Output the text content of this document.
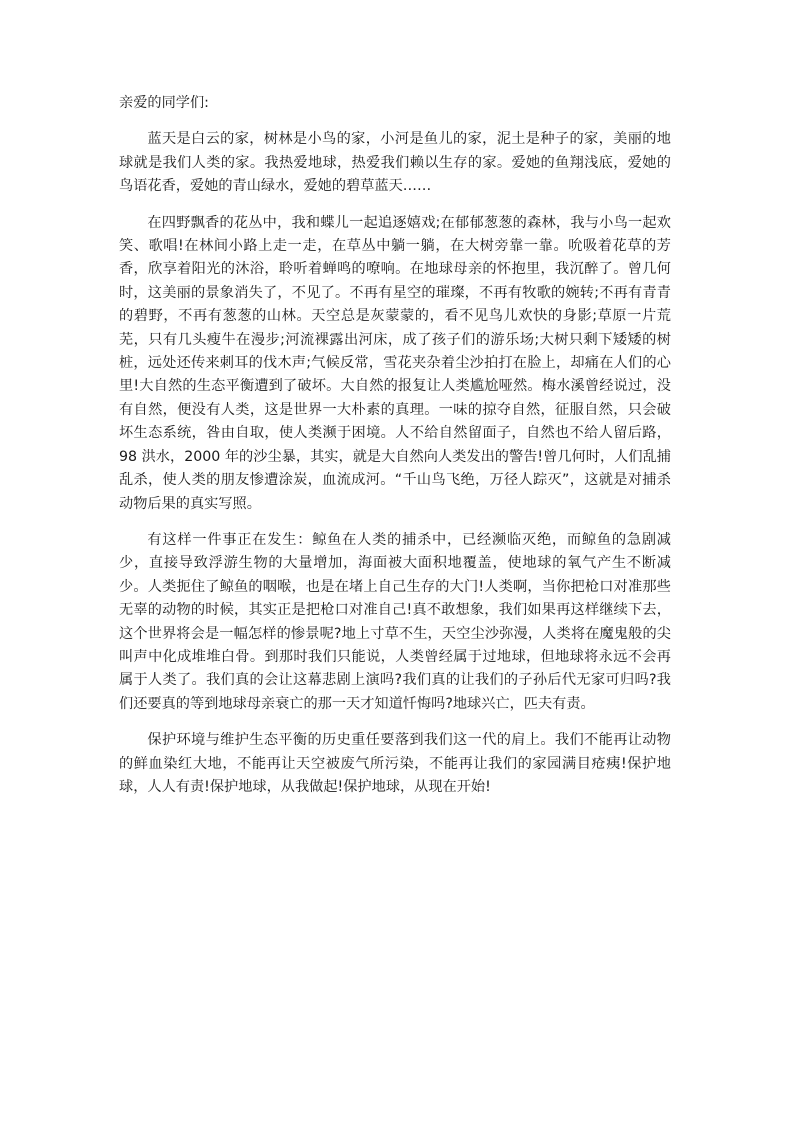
亲爱的同学们:

蓝天是白云的家，树林是小鸟的家，小河是鱼儿的家，泥土是种子的家，美丽的地球就是我们人类的家。我热爱地球，热爱我们赖以生存的家。爱她的鱼翔浅底，爱她的鸟语花香，爱她的青山绿水，爱她的碧草蓝天……

在四野飘香的花丛中，我和蝶儿一起追逐嬉戏;在郁郁葱葱的森林，我与小鸟一起欢笑、歌唱!在林间小路上走一走，在草丛中躺一躺，在大树旁靠一靠。吮吸着花草的芳香，欣享着阳光的沐浴，聆听着蝉鸣的嘹响。在地球母亲的怀抱里，我沉醉了。曾几何时，这美丽的景象消失了，不见了。不再有星空的璀璨，不再有牧歌的婉转;不再有青青的碧野，不再有葱葱的山林。天空总是灰蒙蒙的，看不见鸟儿欢快的身影;草原一片荒芜，只有几头瘦牛在漫步;河流裸露出河床，成了孩子们的游乐场;大树只剩下矮矮的树桩，远处还传来刺耳的伐木声;气候反常，雪花夹杂着尘沙拍打在脸上，却痛在人们的心里!大自然的生态平衡遭到了破坏。大自然的报复让人类尴尬哑然。梅水溪曾经说过，没有自然，便没有人类，这是世界一大朴素的真理。一味的掠夺自然，征服自然，只会破坏生态系统，咎由自取，使人类濒于困境。人不给自然留面子，自然也不给人留后路，98 洪水，2000 年的沙尘暴，其实，就是大自然向人类发出的警告!曾几何时，人们乱捕乱杀，使人类的朋友惨遭涂炭，血流成河。“千山鸟飞绝，万径人踪灭”，这就是对捕杀动物后果的真实写照。

有这样一件事正在发生：鲸鱼在人类的捕杀中，已经濒临灭绝，而鲸鱼的急剧减少，直接导致浮游生物的大量增加，海面被大面积地覆盖，使地球的氧气产生不断减少。人类扼住了鲸鱼的咽喉，也是在堵上自己生存的大门!人类啊，当你把枪口对准那些无辜的动物的时候，其实正是把枪口对准自己!真不敢想象，我们如果再这样继续下去，这个世界将会是一幅怎样的惨景呢?地上寸草不生，天空尘沙弥漫，人类将在魔鬼般的尖叫声中化成堆堆白骨。到那时我们只能说，人类曾经属于过地球，但地球将永远不会再属于人类了。我们真的会让这幕悲剧上演吗?我们真的让我们的子孙后代无家可归吗?我们还要真的等到地球母亲衰亡的那一天才知道忏悔吗?地球兴亡，匹夫有责。

保护环境与维护生态平衡的历史重任要落到我们这一代的肩上。我们不能再让动物的鲜血染红大地，不能再让天空被废气所污染，不能再让我们的家园满目疮痍!保护地球，人人有责!保护地球，从我做起!保护地球，从现在开始!
